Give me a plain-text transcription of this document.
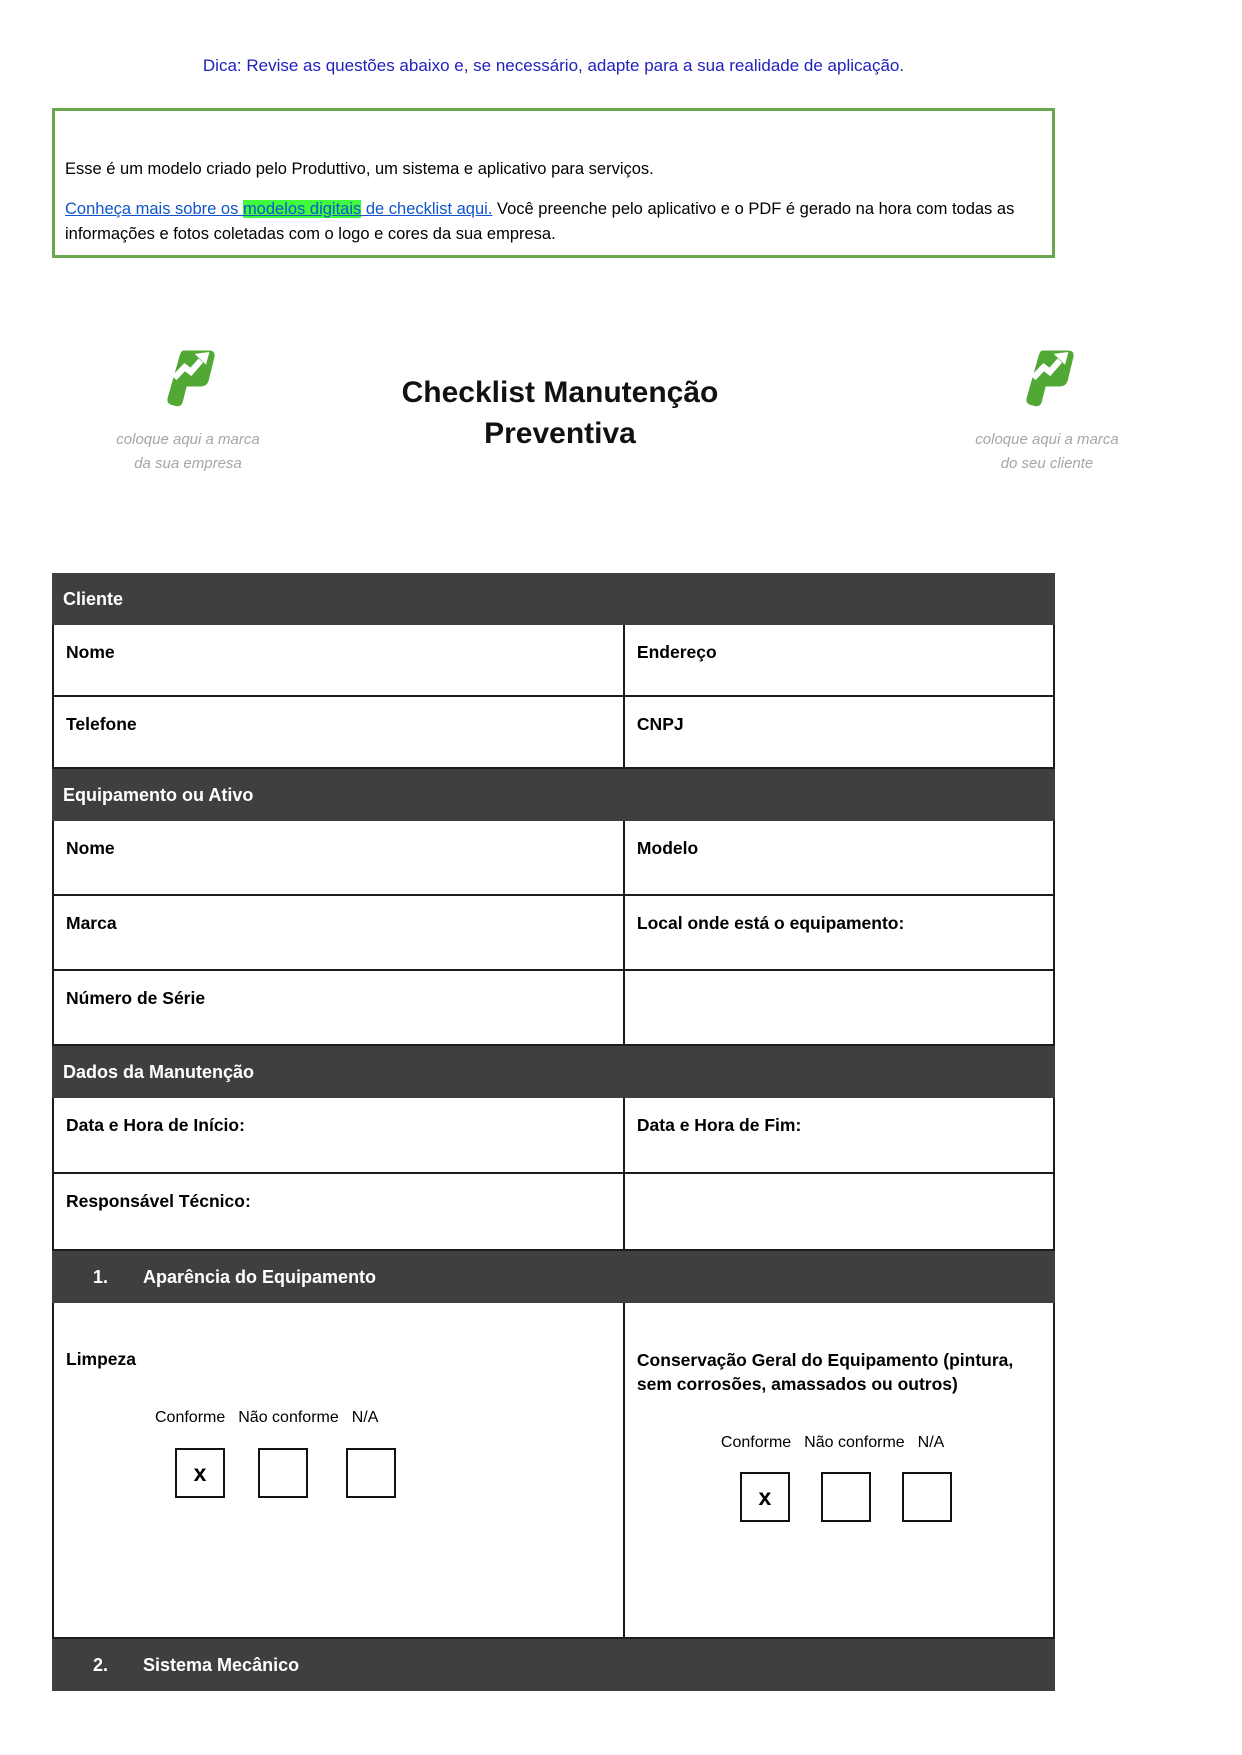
Dica: Revise as questões abaixo e, se necessário, adapte para a sua realidade de aplicação.

Esse é um modelo criado pelo Produttivo, um sistema e aplicativo para serviços.

Conheça mais sobre os modelos digitais de checklist aqui. Você preenche pelo aplicativo e o PDF é gerado na hora com todas as informações e fotos coletadas com o logo e cores da sua empresa.

coloque aqui a marca
da sua empresa
Checklist Manutenção
Preventiva	coloque aqui a marca
do seu cliente
Cliente
Nome	Endereço
Telefone	CNPJ
Equipamento ou Ativo
Nome	Modelo
Marca	Local onde está o equipamento:
Número de Série
Dados da Manutenção
Data e Hora de Início:	Data e Hora de Fim:
Responsável Técnico:
1. Aparência do Equipamento
Limpeza
Conforme Não conforme N/A
x
Conservação Geral do Equipamento (pintura, sem corrosões, amassados ou outros)
Conforme Não conforme N/A
x
2. Sistema Mecânico
